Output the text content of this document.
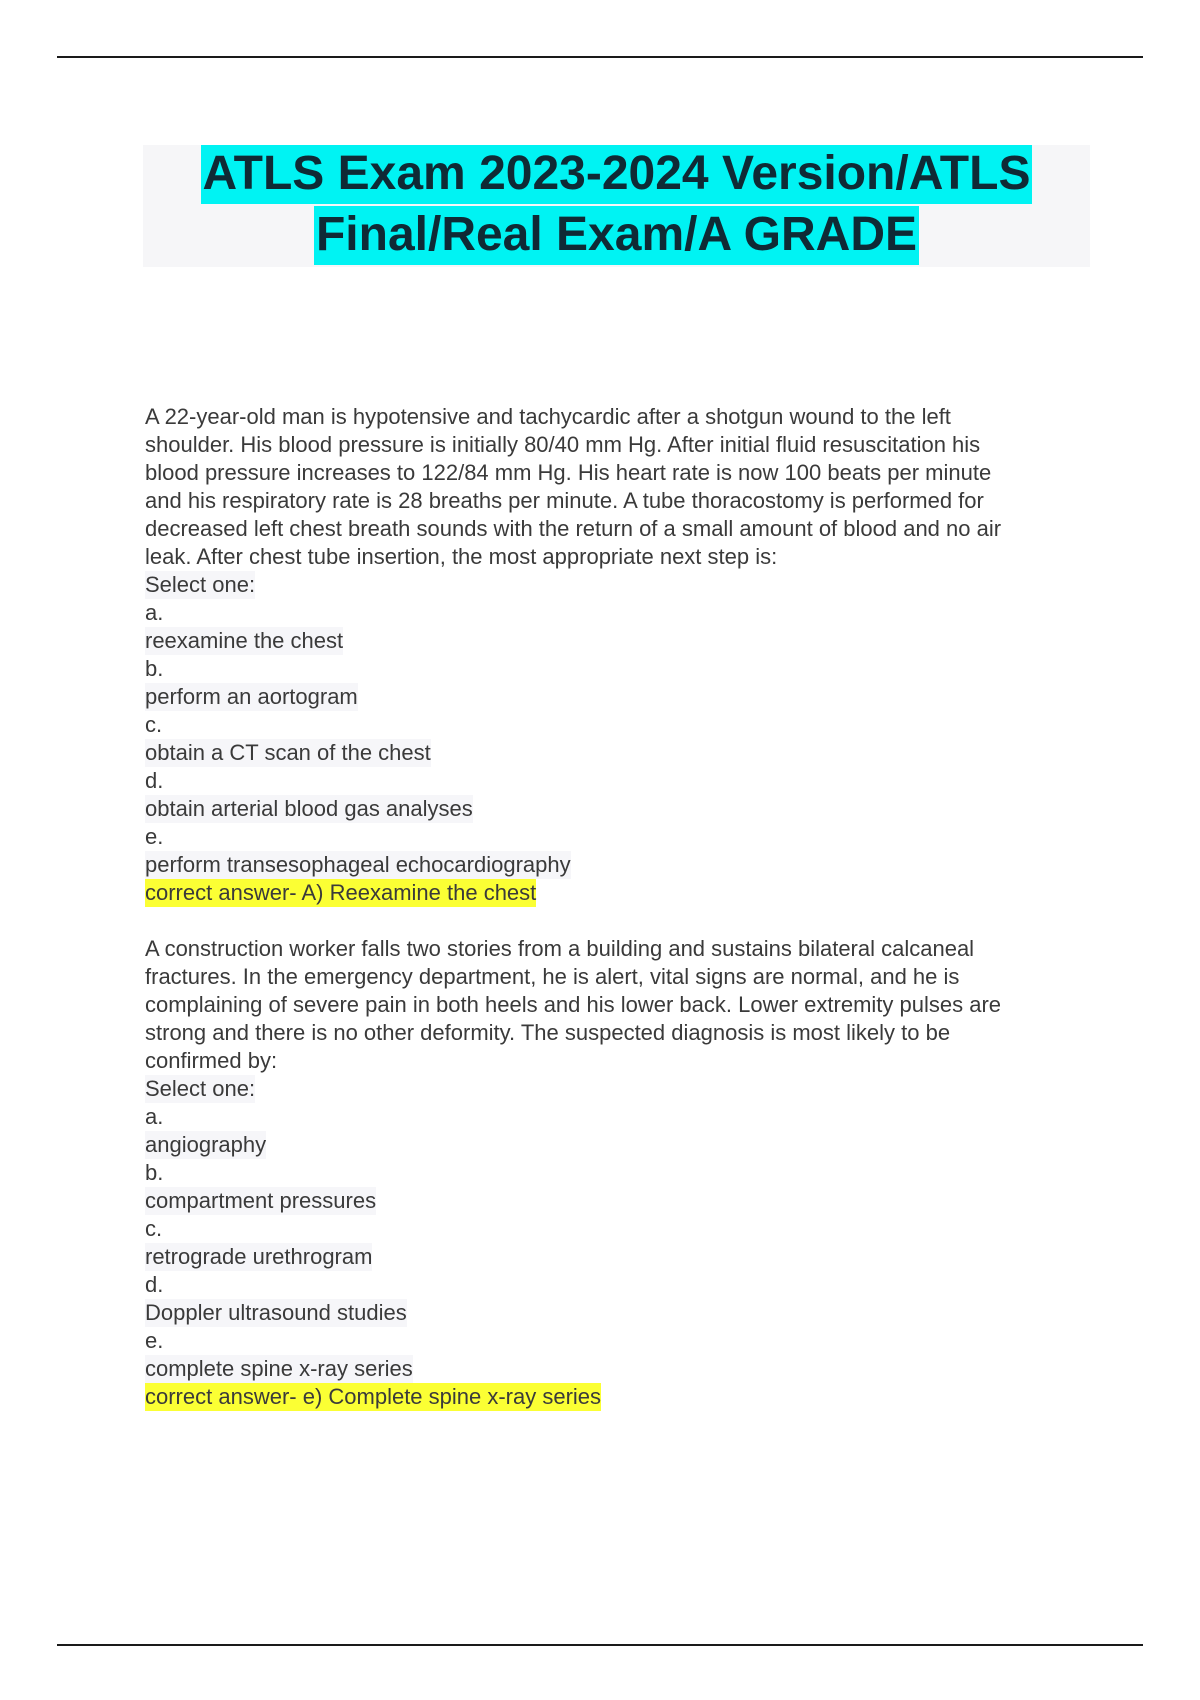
ATLS Exam 2023-2024 Version/ATLS
Final/Real Exam/A GRADE
A 22-year-old man is hypotensive and tachycardic after a shotgun wound to the left
shoulder. His blood pressure is initially 80/40 mm Hg. After initial fluid resuscitation his
blood pressure increases to 122/84 mm Hg. His heart rate is now 100 beats per minute
and his respiratory rate is 28 breaths per minute. A tube thoracostomy is performed for
decreased left chest breath sounds with the return of a small amount of blood and no air
leak. After chest tube insertion, the most appropriate next step is:
Select one:
a.
reexamine the chest
b.
perform an aortogram
c.
obtain a CT scan of the chest
d.
obtain arterial blood gas analyses
e.
perform transesophageal echocardiography
correct answer- A) Reexamine the chest
A construction worker falls two stories from a building and sustains bilateral calcaneal
fractures. In the emergency department, he is alert, vital signs are normal, and he is
complaining of severe pain in both heels and his lower back. Lower extremity pulses are
strong and there is no other deformity. The suspected diagnosis is most likely to be
confirmed by:
Select one:
a.
angiography
b.
compartment pressures
c.
retrograde urethrogram
d.
Doppler ultrasound studies
e.
complete spine x-ray series
correct answer- e) Complete spine x-ray series
